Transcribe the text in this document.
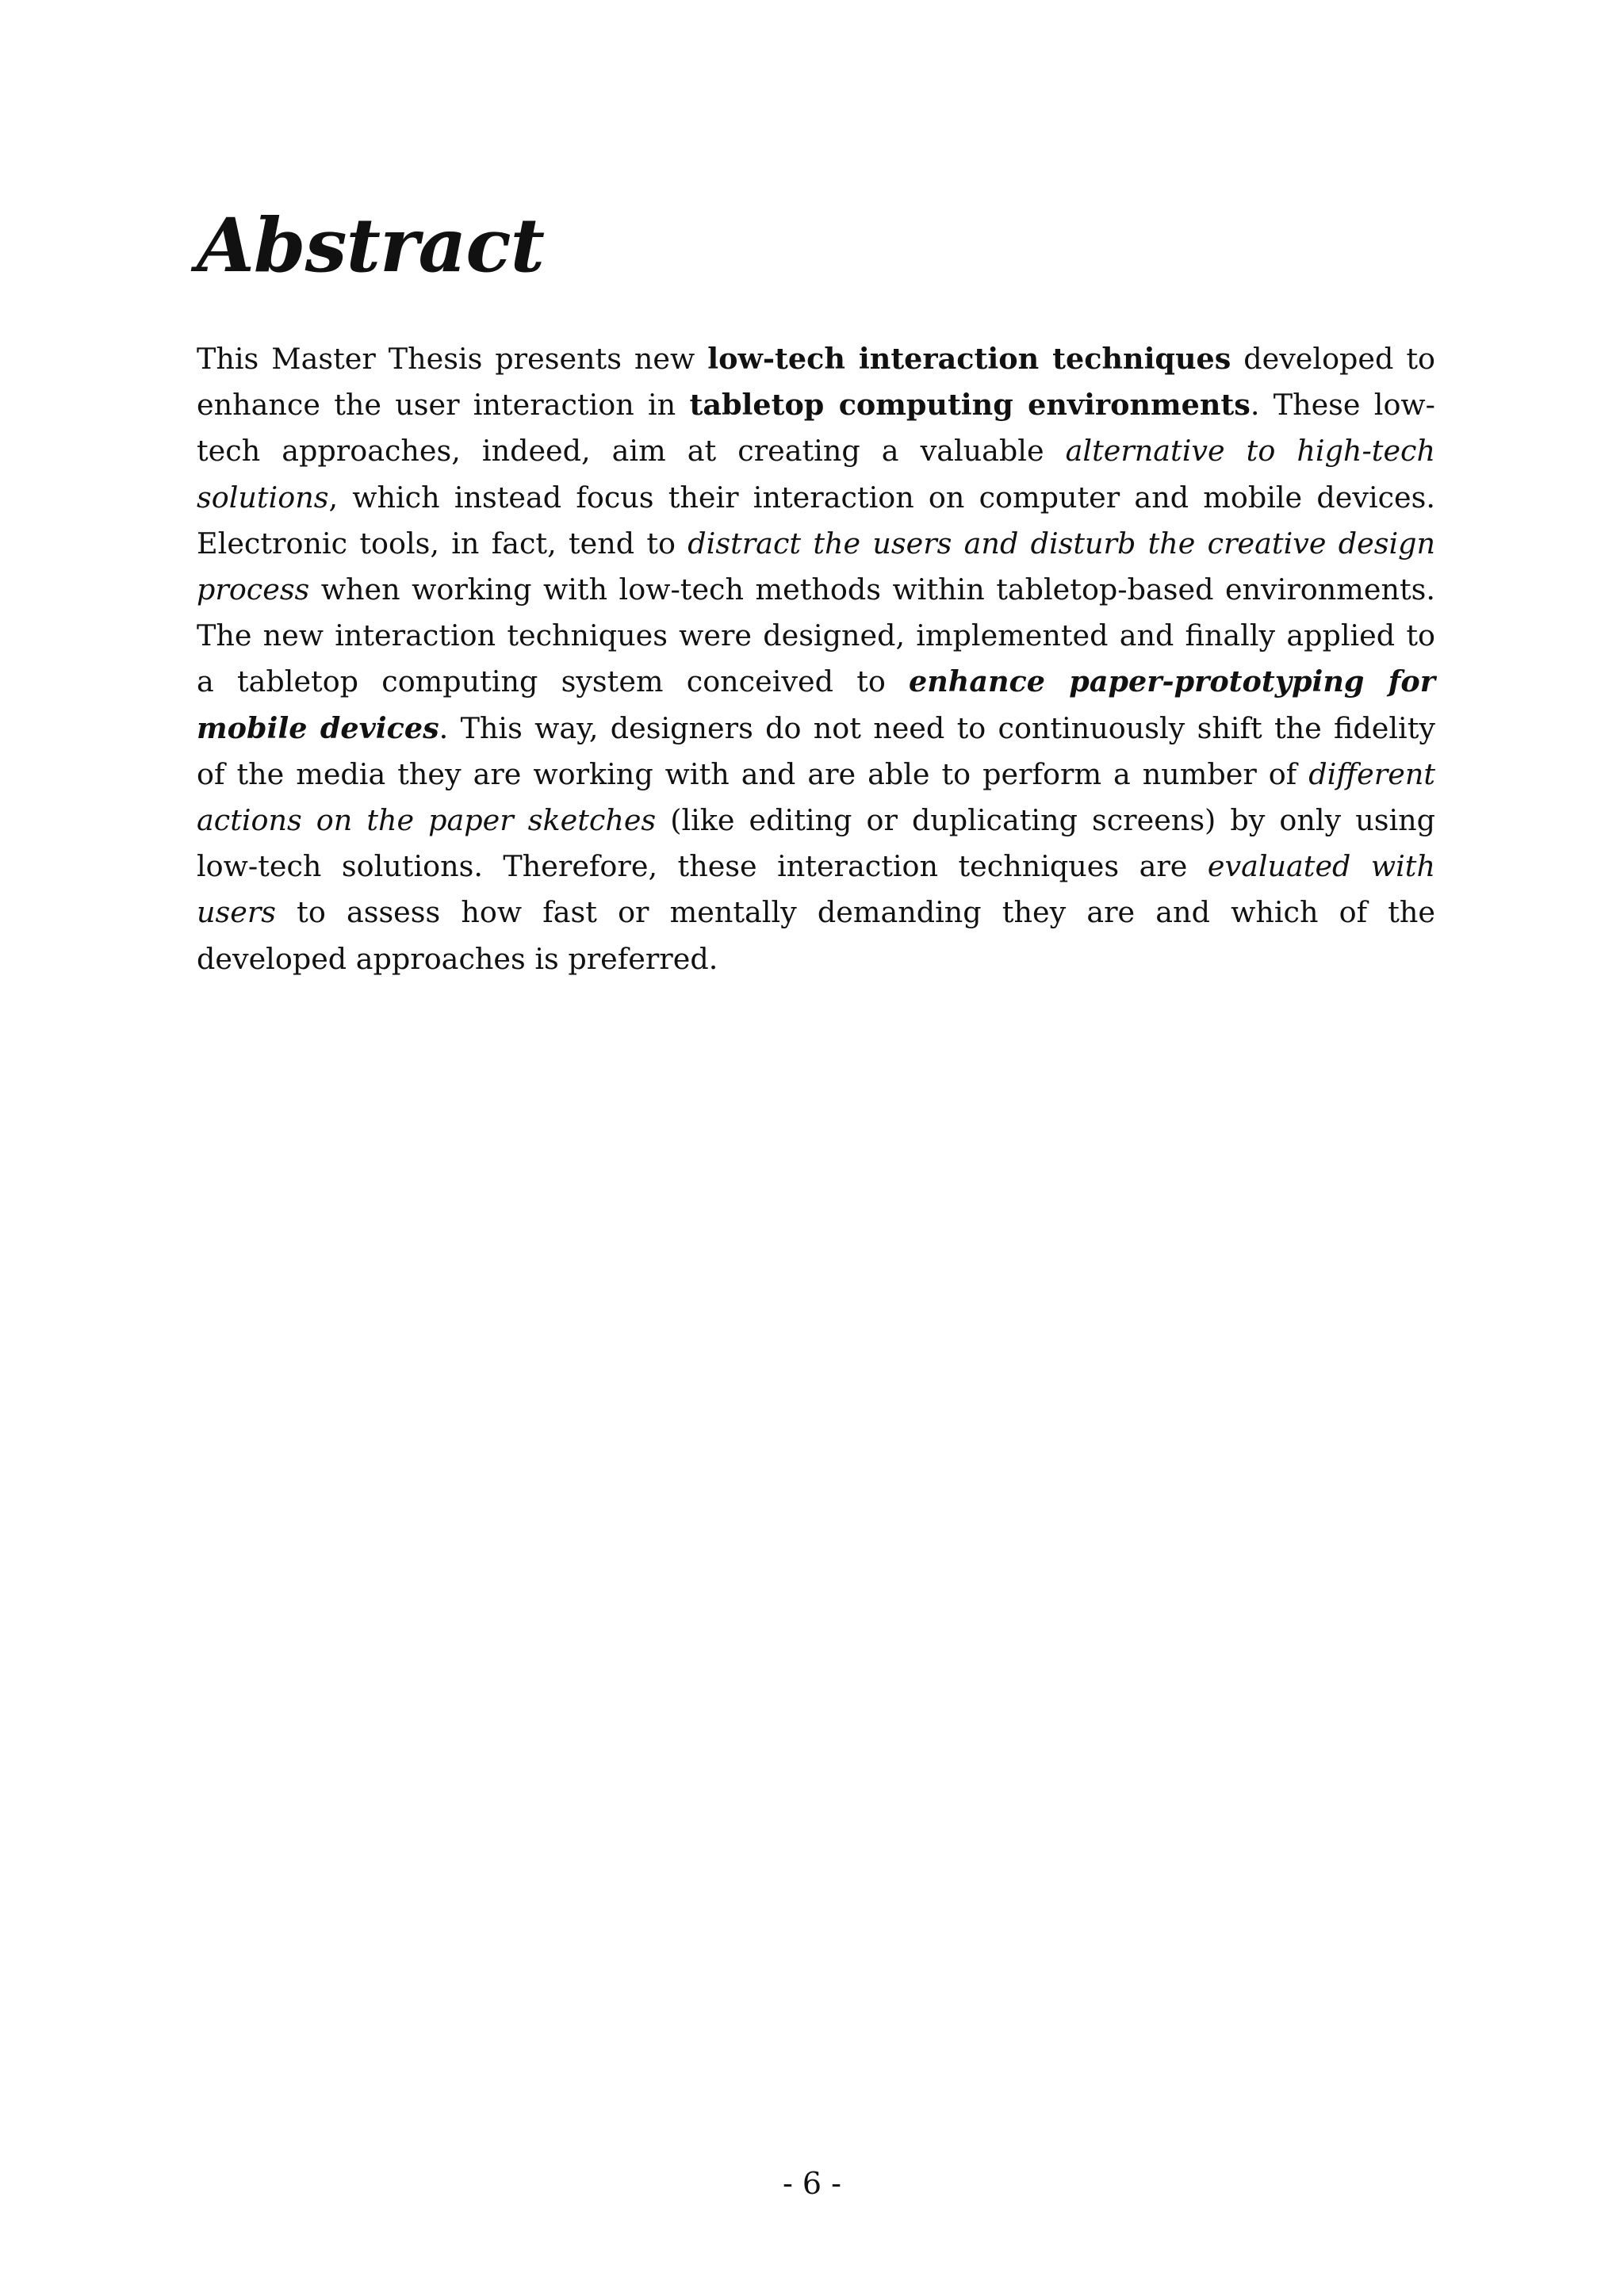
Abstract

This Master Thesis presents new low-tech interaction techniques developed to enhance the user interaction in tabletop computing environments. These low-tech approaches, indeed, aim at creating a valuable alternative to high-tech solutions, which instead focus their interaction on computer and mobile devices. Electronic tools, in fact, tend to distract the users and disturb the creative design process when working with low-tech methods within tabletop-based environments. The new interaction techniques were designed, implemented and finally applied to a tabletop computing system conceived to enhance paper-prototyping for mobile devices. This way, designers do not need to continuously shift the fidelity of the media they are working with and are able to perform a number of different actions on the paper sketches (like editing or duplicating screens) by only using low-tech solutions. Therefore, these interaction techniques are evaluated with users to assess how fast or mentally demanding they are and which of the developed approaches is preferred.

- 6 -
